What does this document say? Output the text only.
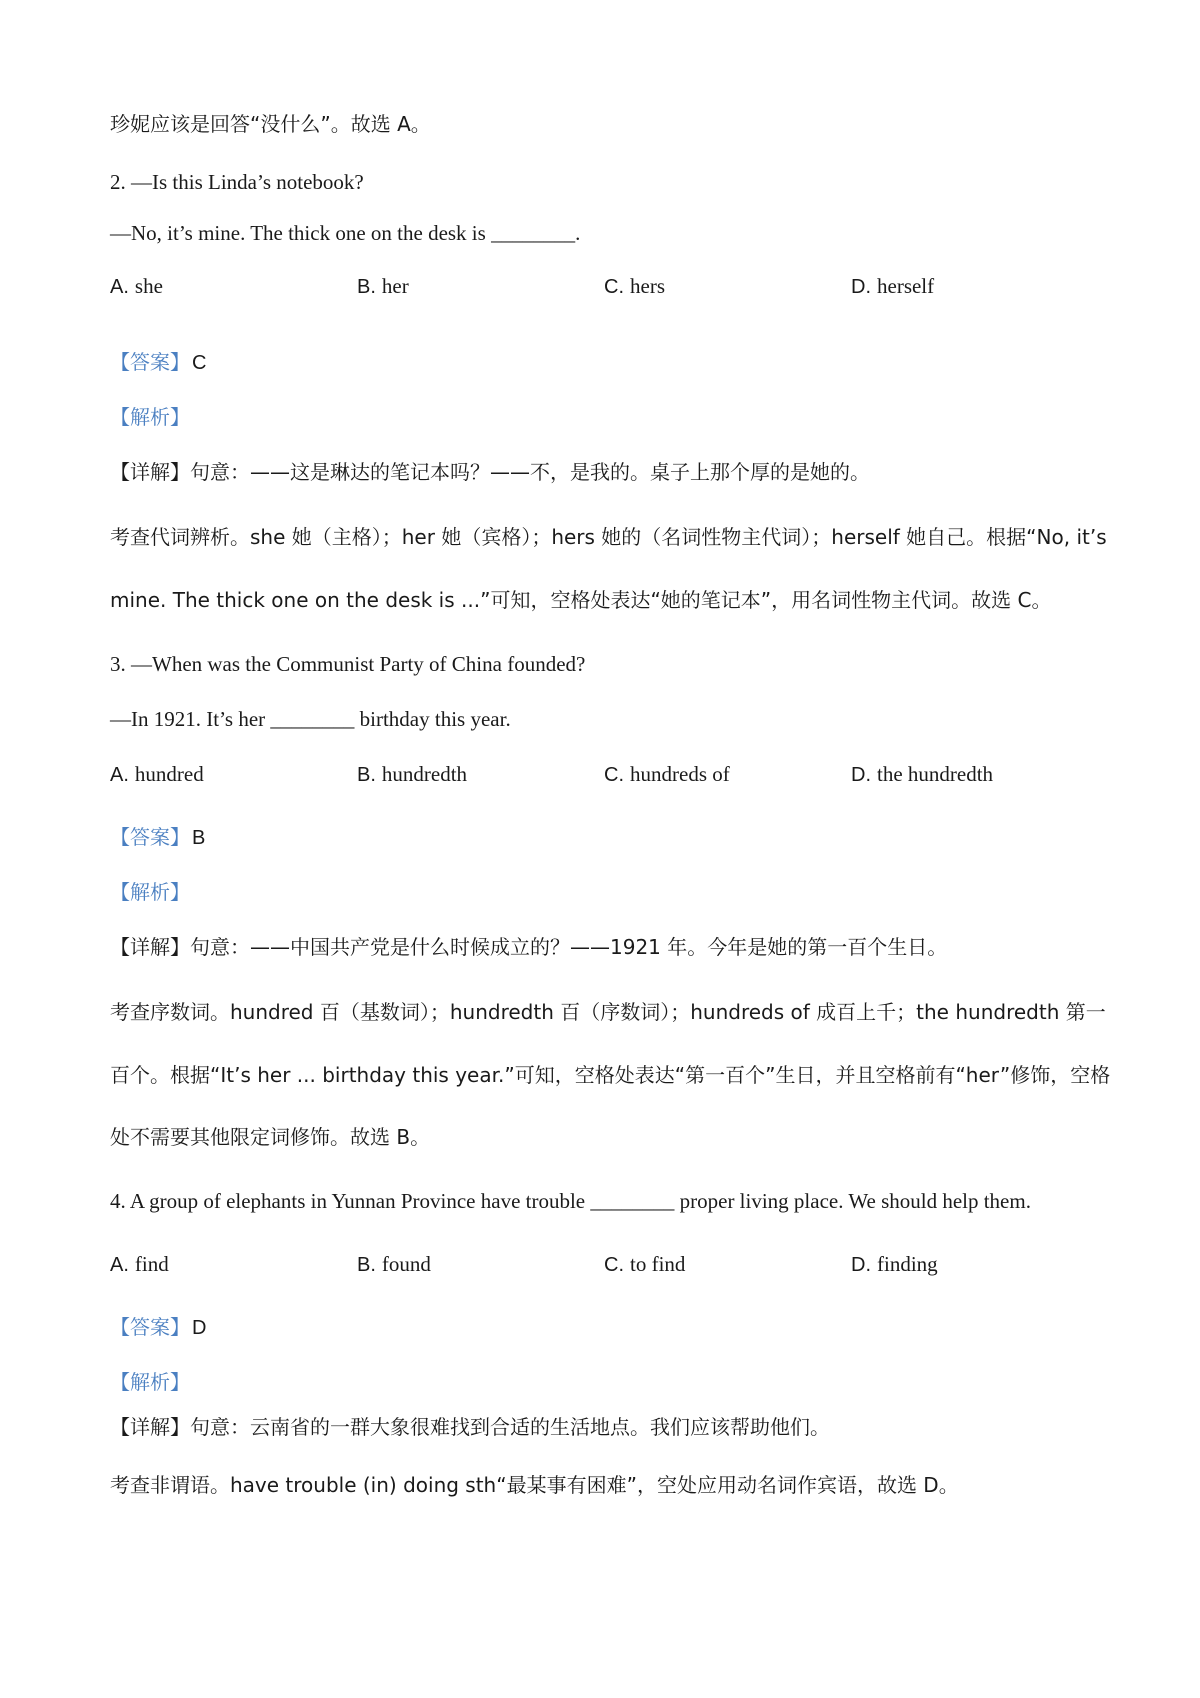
珍妮应该是回答“没什么”。故选 A。
2. —Is this Linda’s notebook?
—No, it’s mine. The thick one on the desk is ________.
A. she	B. her	C. hers	D. herself
【答案】 C
【解析】
【详解】句意：——这是琳达的笔记本吗？——不，是我的。桌子上那个厚的是她的。
考查代词辨析。she 她（主格）；her 她（宾格）；hers 她的（名词性物主代词）；herself 她自己。根据“No, it’s
mine. The thick one on the desk is ...”可知，空格处表达“她的笔记本”，用名词性物主代词。故选 C。
3. —When was the Communist Party of China founded?
—In 1921. It’s her ________ birthday this year.
A. hundred	B. hundredth	C. hundreds of	D. the hundredth
【答案】 B
【解析】
【详解】句意：——中国共产党是什么时候成立的？——1921 年。今年是她的第一百个生日。
考查序数词。hundred 百（基数词）；hundredth 百（序数词）；hundreds of 成百上千；the hundredth 第一
百个。根据“It’s her ... birthday this year.”可知，空格处表达“第一百个”生日，并且空格前有“her”修饰，空格
处不需要其他限定词修饰。故选 B。
4. A group of elephants in Yunnan Province have trouble ________ proper living place. We should help them.
A. find	B. found	C. to find	D. finding
【答案】 D
【解析】
【详解】句意：云南省的一群大象很难找到合适的生活地点。我们应该帮助他们。
考查非谓语。have trouble (in) doing sth“最某事有困难”，空处应用动名词作宾语，故选 D。
